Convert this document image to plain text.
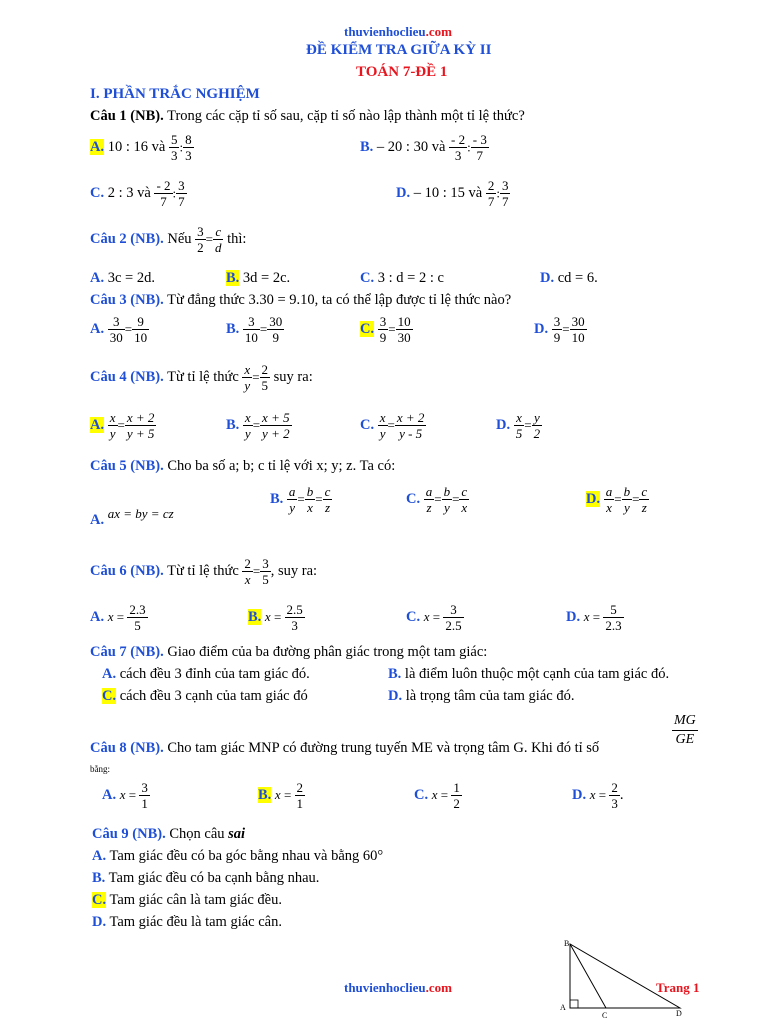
thuvienhoclieu.com
ĐỀ KIỂM TRA GIỮA KỲ II
TOÁN 7-ĐỀ 1
I. PHẦN TRẮC NGHIỆM
Câu 1 (NB). Trong các cặp tỉ số sau, cặp tỉ số nào lập thành một tỉ lệ thức?
A. 10 : 16 và $\frac{5}{3}$ : $\frac{8}{3}$	B. – 20 : 30 và $\frac{- 2}{3}$ : $\frac{- 3}{7}$
C. 2 : 3 và $\frac{- 2}{7}$ : $\frac{3}{7}$	D. – 10 : 15 và $\frac{2}{7}$ : $\frac{3}{7}$
Câu 2 (NB). Nếu $\frac{3}{2} = \frac{c}{d}$ thì:
A. 3c = 2d.	B. 3d = 2c.	C. 3 : d = 2 : c	D. cd = 6.
Câu 3 (NB). Từ đẳng thức 3.30 = 9.10, ta có thể lập được tỉ lệ thức nào?
A. $\frac{3}{30} = \frac{9}{10}$	B. $\frac{3}{10} = \frac{30}{9}$	C. $\frac{3}{9} = \frac{10}{30}$	D. $\frac{3}{9} = \frac{30}{10}$
Câu 4 (NB). Từ tỉ lệ thức $\frac{x}{y} = \frac{2}{5}$ suy ra:
A. $\frac{x}{y} = \frac{x + 2}{y + 5}$	B. $\frac{x}{y} = \frac{x + 5}{y + 2}$	C. $\frac{x}{y} = \frac{x + 2}{y - 5}$	D. $\frac{x}{5} = \frac{y}{2}$
Câu 5 (NB). Cho ba số a; b; c tỉ lệ với x; y; z. Ta có:
A. ax = by = cz
B. $\frac{a}{y} = \frac{b}{x} = \frac{c}{z}$	C. $\frac{a}{z} = \frac{b}{y} = \frac{c}{x}$	D. $\frac{a}{x} = \frac{b}{y} = \frac{c}{z}$
Câu 6 (NB). Từ tỉ lệ thức $\frac{2}{x} = \frac{3}{5}$ , suy ra:
A. $x = \frac{2.3}{5}$	B. $x = \frac{2.5}{3}$	C. $x = \frac{3}{2.5}$	D. $x = \frac{5}{2.3}$
Câu 7 (NB). Giao điểm của ba đường phân giác trong một tam giác:
A. cách đều 3 đỉnh của tam giác đó.	B. là điểm luôn thuộc một cạnh của tam giác đó.
C. cách đều 3 cạnh của tam giác đó	D. là trọng tâm của tam giác đó.
Câu 8 (NB). Cho tam giác MNP có đường trung tuyến ME và trọng tâm G. Khi đó tỉ số	$\frac{MG}{GE}$
bằng:
A. $x = \frac{3}{1}$	B. $x = \frac{2}{1}$	C. $x = \frac{1}{2}$	D. $x = \frac{2}{3}$ .
Câu 9 (NB). Chọn câu sai
A. Tam giác đều có ba góc bằng nhau và bằng 60°
B. Tam giác đều có ba cạnh bằng nhau.
C. Tam giác cân là tam giác đều.
D. Tam giác đều là tam giác cân.
thuvienhoclieu.com	Trang 1
B
A
C	D
